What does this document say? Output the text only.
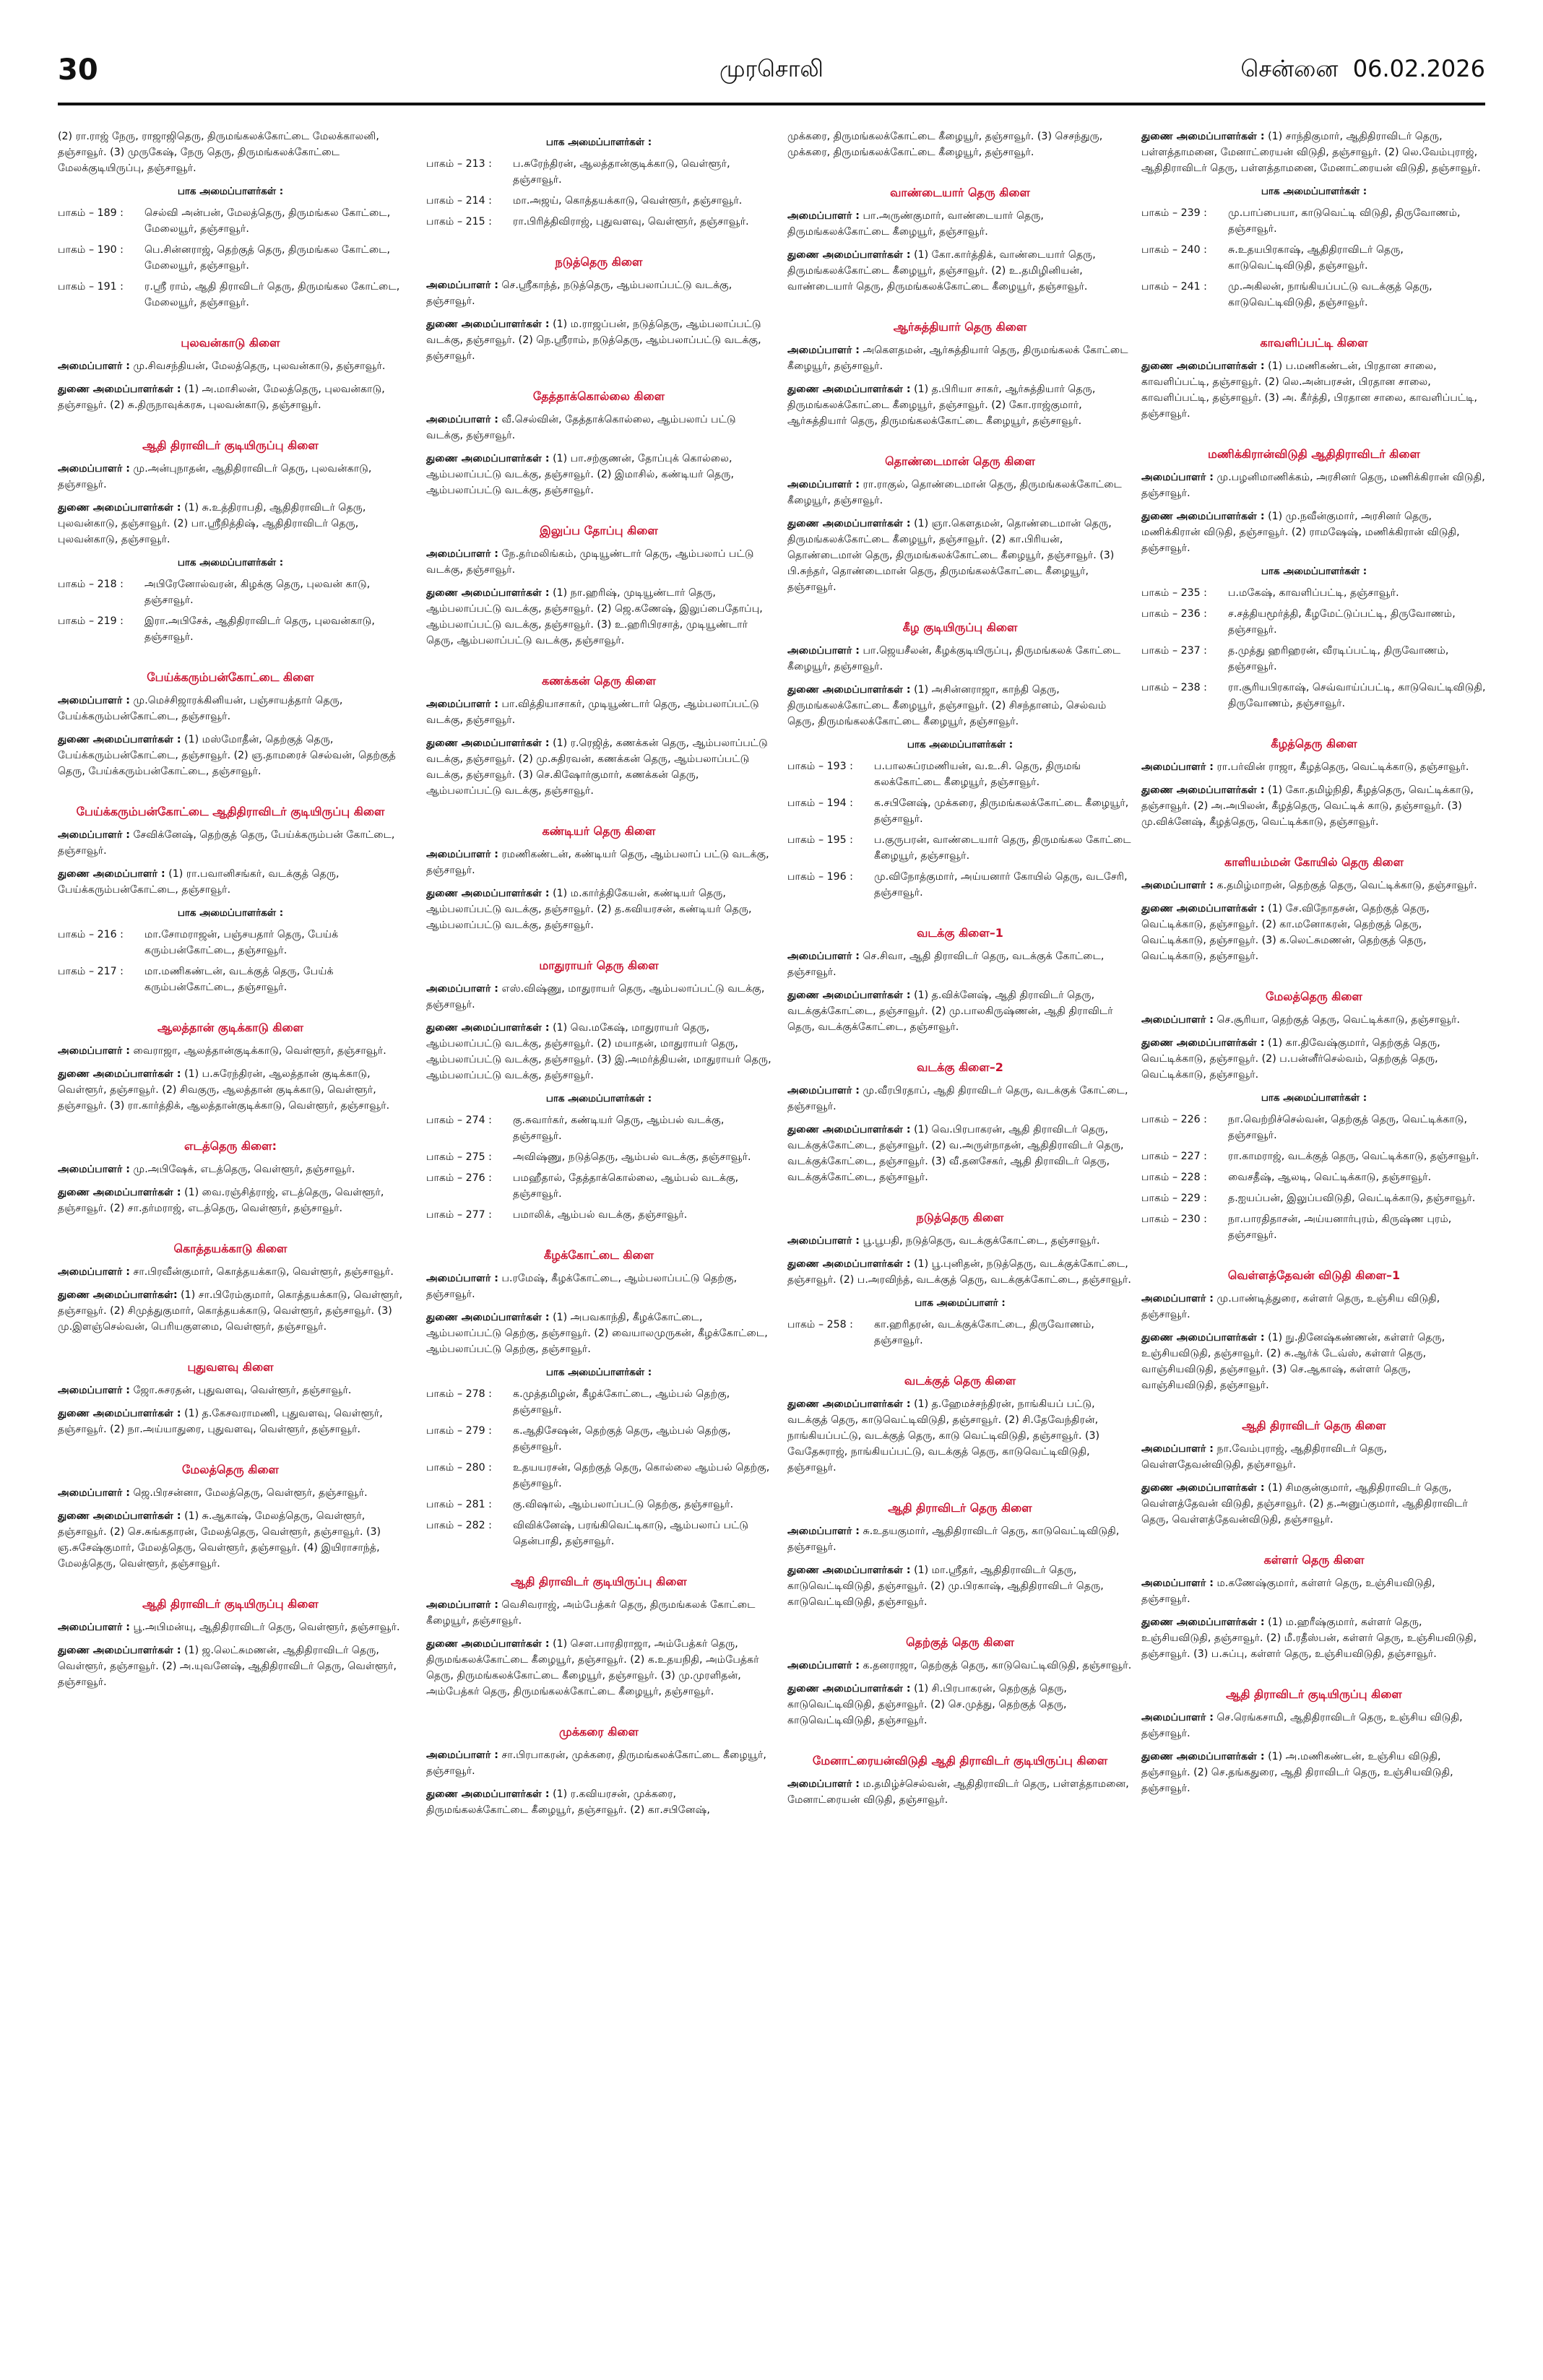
30	முரசொலி	சென்னை 06.02.2026

(2) ரா.ராஜ் நேரு, ராஜாஜிதெரு, திருமங்கலக்கோட்டை மேலக்காலனி, தஞ்சாவூர். (3) முருகேஷ், நேரு தெரு, திருமங்கலக்கோட்டை மேலக்குடியிருப்பு, தஞ்சாவூர்.

பாக அமைப்பாளர்கள் :
பாகம் – 189 :	செல்வி அன்பன், மேலத்தெரு, திருமங்கல கோட்டை, மேலையூர், தஞ்சாவூர்.
பாகம் – 190 :	பெ.சின்னராஜ், தெற்குத் தெரு, திருமங்கல கோட்டை, மேலையூர், தஞ்சாவூர்.
பாகம் – 191 :	ர.ஸ்ரீ ராம், ஆதி திராவிடர் தெரு, திருமங்கல கோட்டை, மேலையூர், தஞ்சாவூர்.
புலவன்காடு கிளை

அமைப்பாளர் : மு.சிவசந்தியன், மேலத்தெரு, புலவன்காடு, தஞ்சாவூர்.

துணை அமைப்பாளர்கள் : (1) அ.மாசிலன், மேலத்தெரு, புலவன்காடு, தஞ்சாவூர். (2) சு.திருநாவுக்கரசு, புலவன்காடு, தஞ்சாவூர்.

ஆதி திராவிடர் குடியிருப்பு கிளை

அமைப்பாளர் : மு.அன்புநாதன், ஆதிதிராவிடர் தெரு, புலவன்காடு, தஞ்சாவூர்.

துணை அமைப்பாளர்கள் : (1) சு.உத்திராபதி, ஆதிதிராவிடர் தெரு, புலவன்காடு, தஞ்சாவூர். (2) பா.ஸ்ரீநித்திஷ், ஆதிதிராவிடர் தெரு, புலவன்காடு, தஞ்சாவூர்.

பாக அமைப்பாளர்கள் :
பாகம் – 218 :	அபிரேனோல்வரன், கிழக்கு தெரு, புலவன் காடு, தஞ்சாவூர்.
பாகம் – 219 :	இரா.அபிசேக், ஆதிதிராவிடர் தெரு, புலவன்காடு, தஞ்சாவூர்.
பேய்க்கரும்பன்கோட்டை கிளை

அமைப்பாளர் : மு.மெச்சிஜாரக்கினியன், பஞ்சாயத்தார் தெரு, பேய்க்கரும்பன்கோட்டை, தஞ்சாவூர்.

துணை அமைப்பாளர்கள் : (1) மஸ்மோதீன், தெற்குத் தெரு, பேய்க்கரும்பன்கோட்டை, தஞ்சாவூர். (2) ஞ.தாமரைச் செல்வன், தெற்குத் தெரு, பேய்க்கரும்பன்கோட்டை, தஞ்சாவூர்.

பேய்க்கரும்பன்கோட்டை ஆதிதிராவிடர் குடியிருப்பு கிளை

அமைப்பாளர் : சேவிக்னேஷ், தெற்குத் தெரு, பேய்க்கரும்பன் கோட்டை, தஞ்சாவூர்.

துணை அமைப்பாளர் : (1) ரா.பவானிசங்கர், வடக்குத் தெரு, பேய்க்கரும்பன்கோட்டை, தஞ்சாவூர்.

பாக அமைப்பாளர்கள் :
பாகம் – 216 :	மா.சோமராஜன், பஞ்சயதார் தெரு, பேய்க் கரும்பன்கோட்டை, தஞ்சாவூர்.
பாகம் – 217 :	மா.மணிகண்டன், வடக்குத் தெரு, பேய்க் கரும்பன்கோட்டை, தஞ்சாவூர்.
ஆலத்தான் குடிக்காடு கிளை

அமைப்பாளர் : வைராஜா, ஆலத்தான்குடிக்காடு, வெள்ளூர், தஞ்சாவூர்.

துணை அமைப்பாளர்கள் : (1) ப.சுரேந்திரன், ஆலத்தான் குடிக்காடு, வெள்ளூர், தஞ்சாவூர். (2) சிவகுரு, ஆலத்தான் குடிக்காடு, வெள்ளூர், தஞ்சாவூர். (3) ரா.கார்த்திக், ஆலத்தான்குடிக்காடு, வெள்ளூர், தஞ்சாவூர்.

எடத்தெரு கிளை:

அமைப்பாளர் : மு.அபிஷேக், எடத்தெரு, வெள்ளூர், தஞ்சாவூர்.

துணை அமைப்பாளர்கள் : (1) வை.ரஞ்சித்ராஜ், எடத்தெரு, வெள்ளூர், தஞ்சாவூர். (2) சா.தர்மராஜ், எடத்தெரு, வெள்ளூர், தஞ்சாவூர்.

கொத்தயக்காடு கிளை

அமைப்பாளர் : சா.பிரவீன்குமார், கொத்தயக்காடு, வெள்ளூர், தஞ்சாவூர்.

துணை அமைப்பாளர்கள்: (1) சா.பிரேம்குமார், கொத்தயக்காடு, வெள்ளூர், தஞ்சாவூர். (2) சிமுத்துகுமார், கொத்தயக்காடு, வெள்ளூர், தஞ்சாவூர். (3) மு.இளஞ்செல்வன், பெரியகுளமை, வெள்ளூர், தஞ்சாவூர்.

புதுவளவு கிளை

அமைப்பாளர் : ஜோ.சுசரதன், புதுவளவு, வெள்ளூர், தஞ்சாவூர்.

துணை அமைப்பாளர்கள் : (1) த.கேசவராமணி, புதுவளவு, வெள்ளூர், தஞ்சாவூர். (2) நா.அய்யாதுரை, புதுவளவு, வெள்ளூர், தஞ்சாவூர்.

மேலத்தெரு கிளை

அமைப்பாளர் : ஜெ.பிரசன்னா, மேலத்தெரு, வெள்ளூர், தஞ்சாவூர்.

துணை அமைப்பாளர்கள் : (1) சு.ஆகாஷ், மேலத்தெரு, வெள்ளூர், தஞ்சாவூர். (2) செ.சுங்கதாரன், மேலத்தெரு, வெள்ளூர், தஞ்சாவூர். (3) ஞ.சுசேஷ்குமார், மேலத்தெரு, வெள்ளூர், தஞ்சாவூர். (4) இயிராசாந்த், மேலத்தெரு, வெள்ளூர், தஞ்சாவூர்.

ஆதி திராவிடர் குடியிருப்பு கிளை

அமைப்பாளர் : பூ.அபிமன்யு, ஆதிதிராவிடர் தெரு, வெள்ளூர், தஞ்சாவூர்.

துணை அமைப்பாளர்கள் : (1) ஜ.லெட்சுமணன், ஆதிதிராவிடர் தெரு, வெள்ளூர், தஞ்சாவூர். (2) அ.யுவனேஷ், ஆதிதிராவிடர் தெரு, வெள்ளூர், தஞ்சாவூர்.

பாக அமைப்பாளர்கள் :
பாகம் – 213 :	ப.சுரேந்திரன், ஆலத்தான்குடிக்காடு, வெள்ளூர், தஞ்சாவூர்.
பாகம் – 214 :	மா.அஜய், கொத்தயக்காடு, வெள்ளூர், தஞ்சாவூர்.
பாகம் – 215 :	ரா.பிரித்திவிராஜ், புதுவளவு, வெள்ளூர், தஞ்சாவூர்.
நடுத்தெரு கிளை

அமைப்பாளர் : செ.ஸ்ரீகாந்த், நடுத்தெரு, ஆம்பலாப்பட்டு வடக்கு, தஞ்சாவூர்.

துணை அமைப்பாளர்கள் : (1) ம.ராஜப்பன், நடுத்தெரு, ஆம்பலாப்பட்டு வடக்கு, தஞ்சாவூர். (2) நெ.ஸ்ரீராம், நடுத்தெரு, ஆம்பலாப்பட்டு வடக்கு, தஞ்சாவூர்.

தேத்தாக்கொல்லை கிளை

அமைப்பாளர் : வீ.செல்வின், தேத்தாக்கொல்லை, ஆம்பலாப் பட்டு வடக்கு, தஞ்சாவூர்.

துணை அமைப்பாளர்கள் : (1) பா.சற்குணன், தோப்புக் கொல்லை, ஆம்பலாப்பட்டு வடக்கு, தஞ்சாவூர். (2) இமாசில், கண்டியர் தெரு, ஆம்பலாப்பட்டு வடக்கு, தஞ்சாவூர்.

இலுப்ப தோப்பு கிளை

அமைப்பாளர் : நே.தர்மலிங்கம், முடியூண்டார் தெரு, ஆம்பலாப் பட்டு வடக்கு, தஞ்சாவூர்.

துணை அமைப்பாளர்கள் : (1) நா.ஹரிஷ், முடியூண்டார் தெரு, ஆம்பலாப்பட்டு வடக்கு, தஞ்சாவூர். (2) ஜெ.கணேஷ், இலுப்பைதோப்பு, ஆம்பலாப்பட்டு வடக்கு, தஞ்சாவூர். (3) உ.ஹரிபிரசாத், முடியூண்டார் தெரு, ஆம்பலாப்பட்டு வடக்கு, தஞ்சாவூர்.

கணக்கன் தெரு கிளை

அமைப்பாளர் : பா.வித்தியாசாகர், முடியூண்டார் தெரு, ஆம்பலாப்பட்டு வடக்கு, தஞ்சாவூர்.

துணை அமைப்பாளர்கள் : (1) ர.ரெஜித், கணக்கன் தெரு, ஆம்பலாப்பட்டு வடக்கு, தஞ்சாவூர். (2) மு.சுதிரவன், கணக்கன் தெரு, ஆம்பலாப்பட்டு வடக்கு, தஞ்சாவூர். (3) செ.கிஷோர்குமார், கணக்கன் தெரு, ஆம்பலாப்பட்டு வடக்கு, தஞ்சாவூர்.

கண்டியர் தெரு கிளை

அமைப்பாளர் : ரமணிகண்டன், கண்டியர் தெரு, ஆம்பலாப் பட்டு வடக்கு, தஞ்சாவூர்.

துணை அமைப்பாளர்கள் : (1) ம.கார்த்திகேயன், கண்டியர் தெரு, ஆம்பலாப்பட்டு வடக்கு, தஞ்சாவூர். (2) த.கவியரசன், கண்டியர் தெரு, ஆம்பலாப்பட்டு வடக்கு, தஞ்சாவூர்.

மாதுராயர் தெரு கிளை

அமைப்பாளர் : எஸ்.விஷ்ணு, மாதுராயர் தெரு, ஆம்பலாப்பட்டு வடக்கு, தஞ்சாவூர்.

துணை அமைப்பாளர்கள் : (1) வெ.மகேஷ், மாதுராயர் தெரு, ஆம்பலாப்பட்டு வடக்கு, தஞ்சாவூர். (2) மயாதன், மாதுராயர் தெரு, ஆம்பலாப்பட்டு வடக்கு, தஞ்சாவூர். (3) இ.அமர்த்தியன், மாதுராயர் தெரு, ஆம்பலாப்பட்டு வடக்கு, தஞ்சாவூர்.

பாக அமைப்பாளர்கள் :
பாகம் – 274 :	கு.சுவார்கர், கண்டியர் தெரு, ஆம்பல் வடக்கு, தஞ்சாவூர்.
பாகம் – 275 :	அவிஷ்ணு, நடுத்தெரு, ஆம்பல் வடக்கு, தஞ்சாவூர்.
பாகம் – 276 :	பமஹீதால், தேத்தாக்கொல்லை, ஆம்பல் வடக்கு, தஞ்சாவூர்.
பாகம் – 277 :	பமாலிக், ஆம்பல் வடக்கு, தஞ்சாவூர்.
கீழக்கோட்டை கிளை

அமைப்பாளர் : ப.ரமேஷ், கீழக்கோட்டை, ஆம்பலாப்பட்டு தெற்கு, தஞ்சாவூர்.

துணை அமைப்பாளர்கள் : (1) அபவகாந்தி, கீழக்கோட்டை, ஆம்பலாப்பட்டு தெற்கு, தஞ்சாவூர். (2) வையாலமுருகன், கீழக்கோட்டை, ஆம்பலாப்பட்டு தெற்கு, தஞ்சாவூர்.

பாக அமைப்பாளர்கள் :
பாகம் – 278 :	க.முத்தமிழன், கீழக்கோட்டை, ஆம்பல் தெற்கு, தஞ்சாவூர்.
பாகம் – 279 :	க.ஆதிசேஷன், தெற்குத் தெரு, ஆம்பல் தெற்கு, தஞ்சாவூர்.
பாகம் – 280 :	உதயயரசன், தெற்குத் தெரு, கொல்லை ஆம்பல் தெற்கு, தஞ்சாவூர்.
பாகம் – 281 :	கு.விஷால், ஆம்பலாப்பட்டு தெற்கு, தஞ்சாவூர்.
பாகம் – 282 :	விவிக்னேஷ், பரங்கிவெட்டிகாடு, ஆம்பலாப் பட்டு தென்பாதி, தஞ்சாவூர்.
ஆதி திராவிடர் குடியிருப்பு கிளை

அமைப்பாளர் : வெசிவராஜ், அம்பேத்கர் தெரு, திருமங்கலக் கோட்டை கீழையூர், தஞ்சாவூர்.

துணை அமைப்பாளர்கள் : (1) செள.பாரதிராஜா, அம்பேத்கர் தெரு, திருமங்கலக்கோட்டை கீழையூர், தஞ்சாவூர். (2) க.உதயநிதி, அம்பேத்கர் தெரு, திருமங்கலக்கோட்டை கீழையூர், தஞ்சாவூர். (3) மு.முரளிதன், அம்பேத்கர் தெரு, திருமங்கலக்கோட்டை கீழையூர், தஞ்சாவூர்.

முக்கரை கிளை

அமைப்பாளர் : சா.பிரபாகரன், முக்கரை, திருமங்கலக்கோட்டை கீழையூர், தஞ்சாவூர்.

துணை அமைப்பாளர்கள் : (1) ர.கவியரசன், முக்கரை, திருமங்கலக்கோட்டை கீழையூர், தஞ்சாவூர். (2) கா.சபினேஷ்,

முக்கரை, திருமங்கலக்கோட்டை கீழையூர், தஞ்சாவூர். (3) செசந்துரு, முக்கரை, திருமங்கலக்கோட்டை கீழையூர், தஞ்சாவூர்.

வாண்டையார் தெரு கிளை

அமைப்பாளர் : பா.அருண்குமார், வாண்டையார் தெரு, திருமங்கலக்கோட்டை கீழையூர், தஞ்சாவூர்.

துணை அமைப்பாளர்கள் : (1) கோ.கார்த்திக், வாண்டையார் தெரு, திருமங்கலக்கோட்டை கீழையூர், தஞ்சாவூர். (2) உ.தமிழினியன், வாண்டையார் தெரு, திருமங்கலக்கோட்டை கீழையூர், தஞ்சாவூர்.

ஆர்சுத்தியார் தெரு கிளை

அமைப்பாளர் : அகௌதமன், ஆர்சுத்தியார் தெரு, திருமங்கலக் கோட்டை கீழையூர், தஞ்சாவூர்.

துணை அமைப்பாளர்கள் : (1) த.பிரியா சாகர், ஆர்சுத்தியார் தெரு, திருமங்கலக்கோட்டை கீழையூர், தஞ்சாவூர். (2) கோ.ராஜ்குமார், ஆர்சுத்தியார் தெரு, திருமங்கலக்கோட்டை கீழையூர், தஞ்சாவூர்.

தொண்டைமான் தெரு கிளை

அமைப்பாளர் : ரா.ராகுல், தொண்டைமான் தெரு, திருமங்கலக்கோட்டை கீழையூர், தஞ்சாவூர்.

துணை அமைப்பாளர்கள் : (1) ஞா.கௌதமன், தொண்டைமான் தெரு, திருமங்கலக்கோட்டை கீழையூர், தஞ்சாவூர். (2) கா.பிரியன், தொண்டைமான் தெரு, திருமங்கலக்கோட்டை கீழையூர், தஞ்சாவூர். (3) பி.சுந்தர், தொண்டைமான் தெரு, திருமங்கலக்கோட்டை கீழையூர், தஞ்சாவூர்.

கீழ குடியிருப்பு கிளை

அமைப்பாளர் : பா.ஜெயசீலன், கீழக்குடியிருப்பு, திருமங்கலக் கோட்டை கீழையூர், தஞ்சாவூர்.

துணை அமைப்பாளர்கள் : (1) அசின்னராஜா, காந்தி தெரு, திருமங்கலக்கோட்டை கீழையூர், தஞ்சாவூர். (2) சிசந்தானம், செல்வம் தெரு, திருமங்கலக்கோட்டை கீழையூர், தஞ்சாவூர்.

பாக அமைப்பாளர்கள் :
பாகம் – 193 :	ப.பாலசுப்ரமணியன், வ.உ.சி. தெரு, திருமங் கலக்கோட்டை கீழையூர், தஞ்சாவூர்.
பாகம் – 194 :	க.சபினேஷ், முக்கரை, திருமங்கலக்கோட்டை கீழையூர், தஞ்சாவூர்.
பாகம் – 195 :	ப.குருபரன், வாண்டையார் தெரு, திருமங்கல கோட்டை கீழையூர், தஞ்சாவூர்.
பாகம் – 196 :	மு.விநோத்குமார், அய்யனார் கோயில் தெரு, வடசேரி, தஞ்சாவூர்.
வடக்கு கிளை–1

அமைப்பாளர் : செ.சிவா, ஆதி திராவிடர் தெரு, வடக்குக் கோட்டை, தஞ்சாவூர்.

துணை அமைப்பாளர்கள் : (1) த.விக்னேஷ், ஆதி திராவிடர் தெரு, வடக்குக்கோட்டை, தஞ்சாவூர். (2) மு.பாலகிருஷ்ணன், ஆதி திராவிடர் தெரு, வடக்குக்கோட்டை, தஞ்சாவூர்.

வடக்கு கிளை–2

அமைப்பாளர் : மு.வீரபிரதாப், ஆதி திராவிடர் தெரு, வடக்குக் கோட்டை, தஞ்சாவூர்.

துணை அமைப்பாளர்கள் : (1) வெ.பிரபாகரன், ஆதி திராவிடர் தெரு, வடக்குக்கோட்டை, தஞ்சாவூர். (2) வ.அருள்நாதன், ஆதிதிராவிடர் தெரு, வடக்குக்கோட்டை, தஞ்சாவூர். (3) வீ.தனசேகர், ஆதி திராவிடர் தெரு, வடக்குக்கோட்டை, தஞ்சாவூர்.

நடுத்தெரு கிளை

அமைப்பாளர் : பூ.பூபதி, நடுத்தெரு, வடக்குக்கோட்டை, தஞ்சாவூர்.

துணை அமைப்பாளர்கள் : (1) பூ.புனிதன், நடுத்தெரு, வடக்குக்கோட்டை, தஞ்சாவூர். (2) ப.அரவிந்த், வடக்குத் தெரு, வடக்குக்கோட்டை, தஞ்சாவூர்.

பாக அமைப்பாளர் :
பாகம் – 258 :	கா.ஹரிதரன், வடக்குக்கோட்டை, திருவோணம், தஞ்சாவூர்.
வடக்குத் தெரு கிளை

துணை அமைப்பாளர்கள் : (1) த.ஹேமச்சந்திரன், நாங்கியப் பட்டு, வடக்குத் தெரு, காடுவெட்டிவிடுதி, தஞ்சாவூர். (2) சி.தேவேந்திரன், நாங்கியப்பட்டு, வடக்குத் தெரு, காடு வெட்டிவிடுதி, தஞ்சாவூர். (3) வேதேசுராஜ், நாங்கியப்பட்டு, வடக்குத் தெரு, காடுவெட்டிவிடுதி, தஞ்சாவூர்.

ஆதி திராவிடர் தெரு கிளை

அமைப்பாளர் : சு.உதயகுமார், ஆதிதிராவிடர் தெரு, காடுவெட்டிவிடுதி, தஞ்சாவூர்.

துணை அமைப்பாளர்கள் : (1) மா.ஸ்ரீதர், ஆதிதிராவிடர் தெரு, காடுவெட்டிவிடுதி, தஞ்சாவூர். (2) மு.பிரகாஷ், ஆதிதிராவிடர் தெரு, காடுவெட்டிவிடுதி, தஞ்சாவூர்.

தெற்குத் தெரு கிளை

அமைப்பாளர் : க.தனராஜா, தெற்குத் தெரு, காடுவெட்டிவிடுதி, தஞ்சாவூர்.

துணை அமைப்பாளர்கள் : (1) சி.பிரபாகரன், தெற்குத் தெரு, காடுவெட்டிவிடுதி, தஞ்சாவூர். (2) செ.முத்து, தெற்குத் தெரு, காடுவெட்டிவிடுதி, தஞ்சாவூர்.

மேனாட்ரையன்விடுதி ஆதி திராவிடர் குடியிருப்பு கிளை

அமைப்பாளர் : ம.தமிழ்ச்செல்வன், ஆதிதிராவிடர் தெரு, பள்ளத்தாமனை, மேனாட்ரையன் விடுதி, தஞ்சாவூர்.

துணை அமைப்பாளர்கள் : (1) சாந்திகுமார், ஆதிதிராவிடர் தெரு, பள்ளத்தாமனை, மேனாட்ரையன் விடுதி, தஞ்சாவூர். (2) லெ.வேம்புராஜ், ஆதிதிராவிடர் தெரு, பள்ளத்தாமனை, மேனாட்ரையன் விடுதி, தஞ்சாவூர்.

பாக அமைப்பாளர்கள் :
பாகம் – 239 :	மு.பாப்பையா, காடுவெட்டி விடுதி, திருவோணம், தஞ்சாவூர்.
பாகம் – 240 :	சு.உதயபிரகாஷ், ஆதிதிராவிடர் தெரு, காடுவெட்டிவிடுதி, தஞ்சாவூர்.
பாகம் – 241 :	மு.அகிலன், நாங்கியப்பட்டு வடக்குத் தெரு, காடுவெட்டிவிடுதி, தஞ்சாவூர்.
காவளிப்பட்டி கிளை

துணை அமைப்பாளர்கள் : (1) ப.மணிகண்டன், பிரதான சாலை, காவளிப்பட்டி, தஞ்சாவூர். (2) லெ.அன்பரசன், பிரதான சாலை, காவளிப்பட்டி, தஞ்சாவூர். (3) அ. கீர்த்தி, பிரதான சாலை, காவளிப்பட்டி, தஞ்சாவூர்.

மணிக்கிரான்விடுதி ஆதிதிராவிடர் கிளை

அமைப்பாளர் : மு.பழனிமாணிக்கம், அரசினர் தெரு, மணிக்கிரான் விடுதி, தஞ்சாவூர்.

துணை அமைப்பாளர்கள் : (1) மு.நவீன்குமார், அரசினர் தெரு, மணிக்கிரான் விடுதி, தஞ்சாவூர். (2) ராமஷேஷ், மணிக்கிரான் விடுதி, தஞ்சாவூர்.

பாக அமைப்பாளர்கள் :
பாகம் – 235 :	ப.மகேஷ், காவளிப்பட்டி, தஞ்சாவூர்.
பாகம் – 236 :	ச.சத்தியமூர்த்தி, கீழமேட்டுப்பட்டி, திருவோணம், தஞ்சாவூர்.
பாகம் – 237 :	த.முத்து ஹரிஹரன், வீரடிப்பட்டி, திருவோணம், தஞ்சாவூர்.
பாகம் – 238 :	ரா.சூரியபிரகாஷ், செவ்வாய்ப்பட்டி, காடுவெட்டிவிடுதி, திருவோணம், தஞ்சாவூர்.
கீழத்தெரு கிளை

அமைப்பாளர் : ரா.பர்வின் ராஜா, கீழத்தெரு, வெட்டிக்காடு, தஞ்சாவூர்.

துணை அமைப்பாளர்கள் : (1) கோ.தமிழ்நிதி, கீழத்தெரு, வெட்டிக்காடு, தஞ்சாவூர். (2) அ.அபிலன், கீழத்தெரு, வெட்டிக் காடு, தஞ்சாவூர். (3) மு.விக்னேஷ், கீழத்தெரு, வெட்டிக்காடு, தஞ்சாவூர்.

காளியம்மன் கோயில் தெரு கிளை

அமைப்பாளர் : க.தமிழ்மாறன், தெற்குத் தெரு, வெட்டிக்காடு, தஞ்சாவூர்.

துணை அமைப்பாளர்கள் : (1) சே.விநோதசன், தெற்குத் தெரு, வெட்டிக்காடு, தஞ்சாவூர். (2) கா.மனோகரன், தெற்குத் தெரு, வெட்டிக்காடு, தஞ்சாவூர். (3) க.லெட்சுமணன், தெற்குத் தெரு, வெட்டிக்காடு, தஞ்சாவூர்.

மேலத்தெரு கிளை

அமைப்பாளர் : செ.சூரியா, தெற்குத் தெரு, வெட்டிக்காடு, தஞ்சாவூர்.

துணை அமைப்பாளர்கள் : (1) கா.திவேஷ்குமார், தெற்குத் தெரு, வெட்டிக்காடு, தஞ்சாவூர். (2) ப.பன்னீர்செல்வம், தெற்குத் தெரு, வெட்டிக்காடு, தஞ்சாவூர்.

பாக அமைப்பாளர்கள் :
பாகம் – 226 :	நா.வெற்றிச்செல்வன், தெற்குத் தெரு, வெட்டிக்காடு, தஞ்சாவூர்.
பாகம் – 227 :	ரா.காமராஜ், வடக்குத் தெரு, வெட்டிக்காடு, தஞ்சாவூர்.
பாகம் – 228 :	வைசதீஷ், ஆலடி, வெட்டிக்காடு, தஞ்சாவூர்.
பாகம் – 229 :	த.ஐயப்பன், இலுப்பவிடுதி, வெட்டிக்காடு, தஞ்சாவூர்.
பாகம் – 230 :	நா.பாரதிதாசன், அய்யனார்புரம், கிருஷ்ண புரம், தஞ்சாவூர்.
வெள்ளத்தேவன் விடுதி கிளை–1

அமைப்பாளர் : மு.பாண்டித்துரை, கள்ளர் தெரு, உஞ்சிய விடுதி, தஞ்சாவூர்.

துணை அமைப்பாளர்கள் : (1) நு.தினேஷ்கண்ணன், கள்ளர் தெரு, உஞ்சியவிடுதி, தஞ்சாவூர். (2) சு.ஆர்க் டேவ்ஸ், கள்ளர் தெரு, வாஞ்சியவிடுதி, தஞ்சாவூர். (3) செ.ஆகாஷ், கள்ளர் தெரு, வாஞ்சியவிடுதி, தஞ்சாவூர்.

ஆதி திராவிடர் தெரு கிளை

அமைப்பாளர் : நா.வேம்புராஜ், ஆதிதிராவிடர் தெரு, வெள்ளதேவன்விடுதி, தஞ்சாவூர்.

துணை அமைப்பாளர்கள் : (1) சிமகுன்குமார், ஆதிதிராவிடர் தெரு, வெள்ளத்தேவன் விடுதி, தஞ்சாவூர். (2) த.அனுப்குமார், ஆதிதிராவிடர் தெரு, வெள்ளத்தேவன்விடுதி, தஞ்சாவூர்.

கள்ளர் தெரு கிளை

அமைப்பாளர் : ம.கணேஷ்குமார், கள்ளர் தெரு, உஞ்சியவிடுதி, தஞ்சாவூர்.

துணை அமைப்பாளர்கள் : (1) ம.ஹரீஷ்குமார், கள்ளர் தெரு, உஞ்சியவிடுதி, தஞ்சாவூர். (2) மீ.ரதீஸ்பன், கள்ளர் தெரு, உஞ்சியவிடுதி, தஞ்சாவூர். (3) ப.சுப்பு, கள்ளர் தெரு, உஞ்சியவிடுதி, தஞ்சாவூர்.

ஆதி திராவிடர் குடியிருப்பு கிளை

அமைப்பாளர் : செ.ரெங்கசாமி, ஆதிதிராவிடர் தெரு, உஞ்சிய விடுதி, தஞ்சாவூர்.

துணை அமைப்பாளர்கள் : (1) அ.மணிகண்டன், உஞ்சிய விடுதி, தஞ்சாவூர். (2) செ.தங்கதுரை, ஆதி திராவிடர் தெரு, உஞ்சியவிடுதி, தஞ்சாவூர்.
